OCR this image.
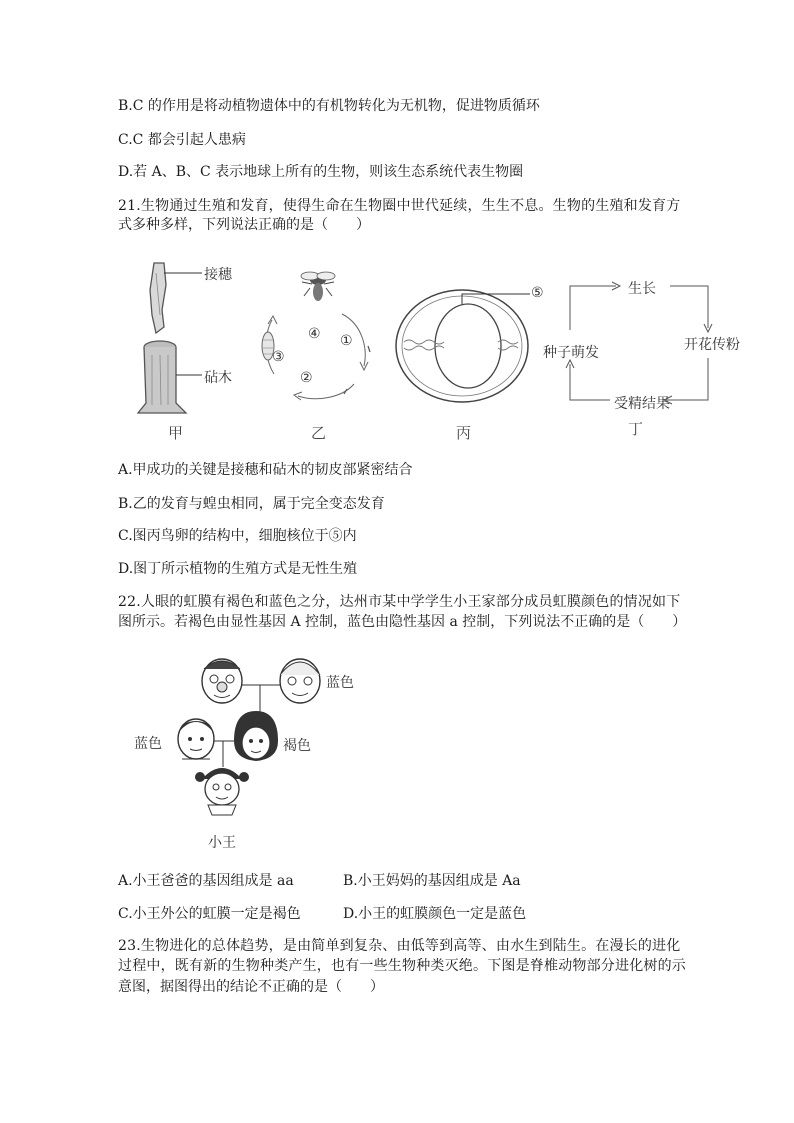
B.C 的作用是将动植物遗体中的有机物转化为无机物，促进物质循环
C.C 都会引起人患病
D.若 A、B、C 表示地球上所有的生物，则该生态系统代表生物圈
21.生物通过生殖和发育，使得生命在生物圈中世代延续，生生不息。生物的生殖和发育方
式多种多样，下列说法正确的是（　　）
接穗
砧木
甲
①
②
③
④
乙
⑤
丙
生长
开花传粉
受精结果
种子萌发
丁
A.甲成功的关键是接穗和砧木的韧皮部紧密结合
B.乙的发育与蝗虫相同，属于完全变态发育
C.图丙鸟卵的结构中，细胞核位于⑤内
D.图丁所示植物的生殖方式是无性生殖
22.人眼的虹膜有褐色和蓝色之分，达州市某中学学生小王家部分成员虹膜颜色的情况如下
图所示。若褐色由显性基因 A 控制，蓝色由隐性基因 a 控制，下列说法不正确的是（　　）
蓝色
蓝色	褐色
小王
A.小王爸爸的基因组成是 aa	B.小王妈妈的基因组成是 Aa
C.小王外公的虹膜一定是褐色	D.小王的虹膜颜色一定是蓝色
23.生物进化的总体趋势，是由简单到复杂、由低等到高等、由水生到陆生。在漫长的进化
过程中，既有新的生物种类产生，也有一些生物种类灭绝。下图是脊椎动物部分进化树的示
意图，据图得出的结论不正确的是（　　）
